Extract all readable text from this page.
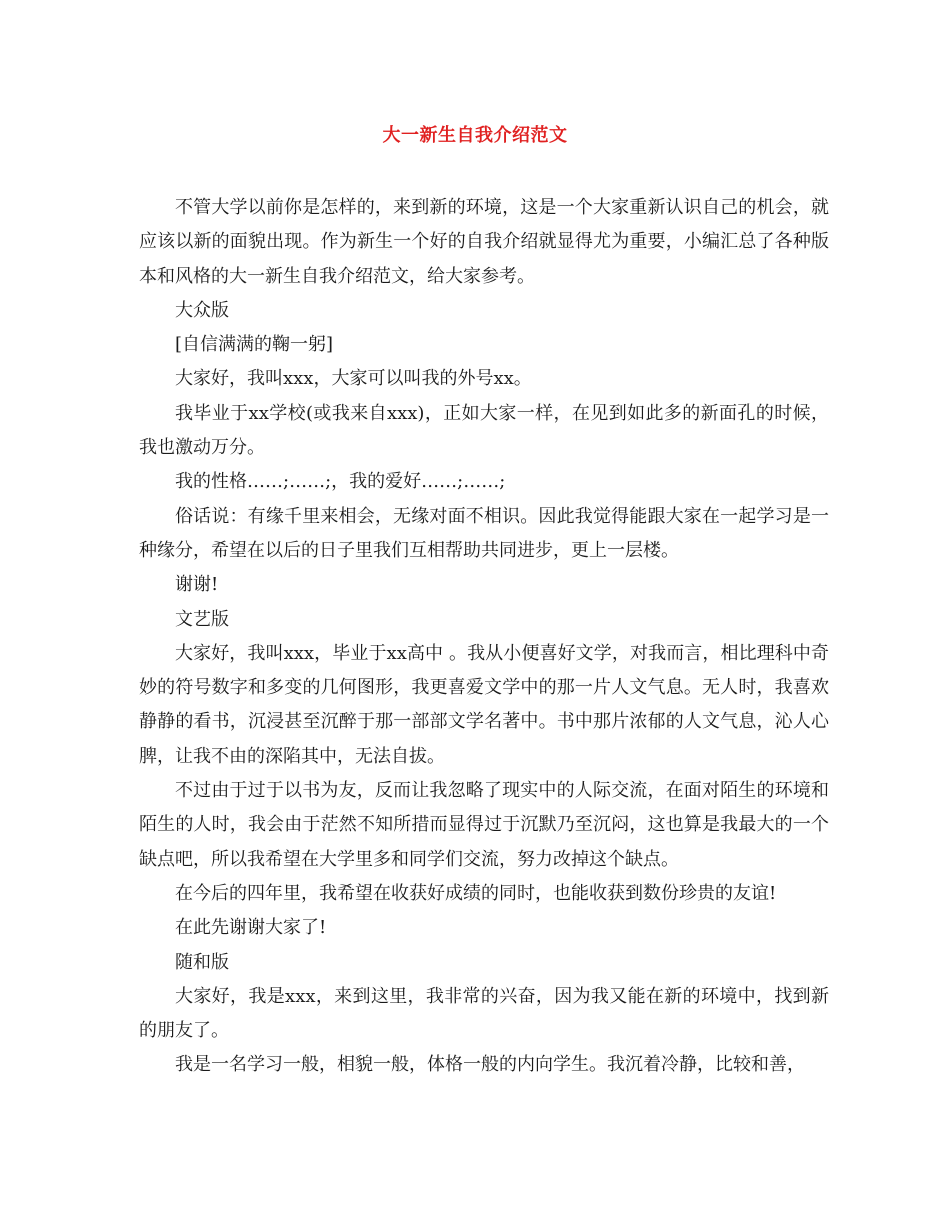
大一新生自我介绍范文

不管大学以前你是怎样的，来到新的环境，这是一个大家重新认识自己的机会，就应该以新的面貌出现。作为新生一个好的自我介绍就显得尤为重要，小编汇总了各种版本和风格的大一新生自我介绍范文，给大家参考。

大众版

[自信满满的鞠一躬]

大家好，我叫xxx，大家可以叫我的外号xx。

我毕业于xx学校(或我来自xxx)，正如大家一样，在见到如此多的新面孔的时候，我也激动万分。

我的性格……;……;，我的爱好……;……;

俗话说：有缘千里来相会，无缘对面不相识。因此我觉得能跟大家在一起学习是一种缘分，希望在以后的日子里我们互相帮助共同进步，更上一层楼。

谢谢!

文艺版

大家好，我叫xxx，毕业于xx高中 。我从小便喜好文学，对我而言，相比理科中奇妙的符号数字和多变的几何图形，我更喜爱文学中的那一片人文气息。无人时，我喜欢静静的看书，沉浸甚至沉醉于那一部部文学名著中。书中那片浓郁的人文气息，沁人心脾，让我不由的深陷其中，无法自拔。

不过由于过于以书为友，反而让我忽略了现实中的人际交流，在面对陌生的环境和陌生的人时，我会由于茫然不知所措而显得过于沉默乃至沉闷，这也算是我最大的一个缺点吧，所以我希望在大学里多和同学们交流，努力改掉这个缺点。

在今后的四年里，我希望在收获好成绩的同时，也能收获到数份珍贵的友谊!

在此先谢谢大家了!

随和版

大家好，我是xxx，来到这里，我非常的兴奋，因为我又能在新的环境中，找到新的朋友了。

我是一名学习一般，相貌一般，体格一般的内向学生。我沉着冷静，比较和善，
